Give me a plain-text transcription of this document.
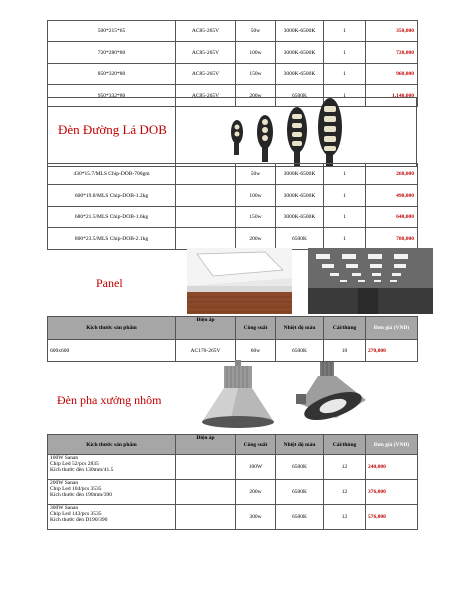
500*215*65	AC85-265V	50w	3000K-6500K	1	350,000
720*280*80	AC85-265V	100w	3000K-6500K	1	720,000
850*320*80	AC85-265V	150w	3000K-6500K	1	960,000
950*332*80	AC85-265V	200w	6500K	1	1,140,000
Đèn Đường Lá DOB
430*15.7/MLS Chip-DOB-700gm		50w	3000K-6500K	1	260,000
600*19.8/MLS Chip-DOB-1.2kg		100w	3000K-6500K	1	490,000
680*21.5/MLS Chip-DOB-1.6kg		150w	3000K-6500K	1	640,000
800*23.5/MLS Chip-DOB-2.1kg		200w	6500K	1	780,000
Panel
Kích thước sản phẩm	Điện áp	Công suất	Nhiệt độ màu	Cái/thùng	Đơn giá (VNĐ)
600x600	AC170-265V	60w	6500K	10	270,000
Đèn pha xưởng nhôm
Kích thước sản phẩm	Điện áp	Công suất	Nhiệt độ màu	Cái/thùng	Đơn giá (VNĐ)

100W Sanan
Chip Led 52/pcs 2835
Kích thước đèn 130mm/41.5		100W	6500K	12	240,000

200W Sanan
Chip Led 104/pcs 3535
Kích thước đèn 190mm/390		200w	6500K	12	376,000

300W Sanan
Chip Led 143/pcs 3535
Kích thước đèn D190/390		300w	6500K	12	576,000
